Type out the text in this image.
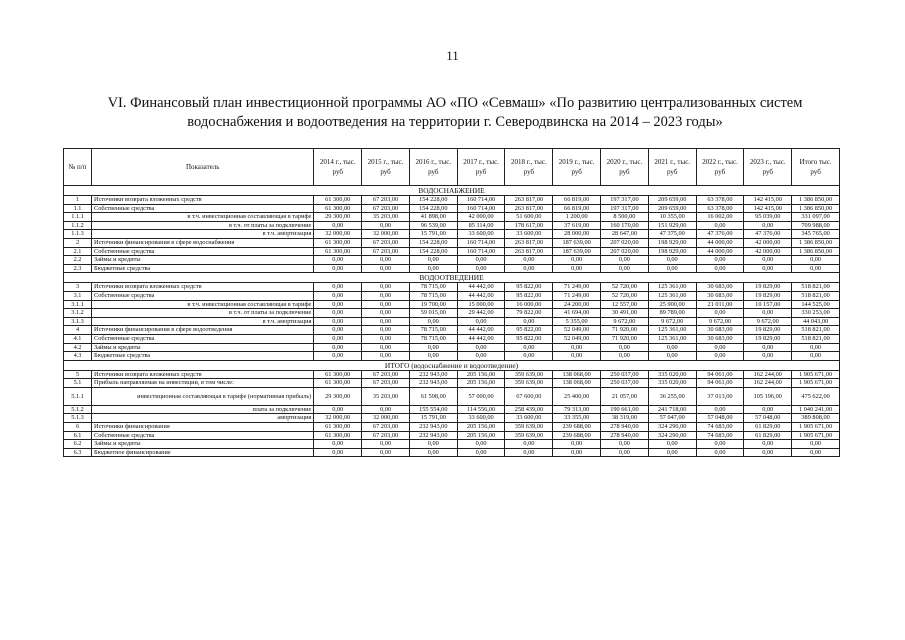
11
VI. Финансовый план инвестиционной программы АО «ПО «Севмаш» «По развитию централизованных систем
водоснабжения и водоотведения на территории г. Северодвинска на 2014 – 2023 годы»
№ п/п	Показатель	2014 г., тыс. руб	2015 г., тыс. руб	2016 г., тыс. руб	2017 г., тыс. руб	2018 г., тыс. руб	2019 г., тыс. руб	2020 г., тыс. руб	2021 г., тыс. руб	2022 г., тыс. руб	2023 г., тыс. руб	Итого тыс. руб
ВОДОСНАБЖЕНИЕ												
1	Источники возврата вложенных средств	61 300,00	67 203,00	154 228,00	160 714,00	263 817,00	66 819,00	197 317,00	209 659,00	63 378,00	142 415,00	1 386 850,00
1.1	Собственные средства	61 300,00	67 203,00	154 228,00	160 714,00	263 817,00	66 819,00	197 317,00	209 659,00	63 378,00	142 415,00	1 386 850,00
1.1.1	в т.ч. инвестиционная составляющая в тарифе	29 300,00	35 203,00	41 898,00	42 000,00	51 600,00	1 200,00	8 500,00	10 355,00	16 002,00	95 039,00	331 097,00
1.1.2	в т.ч. от платы за подключение	0,00	0,00	96 539,00	85 114,00	178 617,00	37 619,00	160 170,00	151 929,00	0,00	0,00	709 988,00
1.1.3	в т.ч. амортизация	32 000,00	32 000,00	15 791,00	33 600,00	33 600,00	28 000,00	28 647,00	47 375,00	47 376,00	47 376,00	345 765,00
2	Источники финансирования в сфере водоснабжения	61 300,00	67 203,00	154 228,00	160 714,00	263 817,00	187 639,00	207 020,00	198 929,00	44 000,00	42 000,00	1 386 850,00
2.1	Собственные средства	61 300,00	67 203,00	154 228,00	160 714,00	263 817,00	187 639,00	207 020,00	198 929,00	44 000,00	42 000,00	1 386 850,00
2.2	Займы и кредиты	0,00	0,00	0,00	0,00	0,00	0,00	0,00	0,00	0,00	0,00	0,00
2.3	Бюджетные средства	0,00	0,00	0,00	0,00	0,00	0,00	0,00	0,00	0,00	0,00	0,00
ВОДООТВЕДЕНИЕ												
3	Источники возврата вложенных средств	0,00	0,00	78 715,00	44 442,00	95 822,00	71 249,00	52 720,00	125 361,00	30 683,00	19 829,00	518 821,00
3.1	Собственные средства	0,00	0,00	78 715,00	44 442,00	95 822,00	71 249,00	52 720,00	125 361,00	30 683,00	19 829,00	518 821,00
3.1.1	в т.ч. инвестиционная составляющая в тарифе	0,00	0,00	19 700,00	15 000,00	16 000,00	24 200,00	12 557,00	25 900,00	21 011,00	10 157,00	144 525,00
3.1.2	в т.ч. от платы за подключение	0,00	0,00	59 015,00	29 442,00	79 822,00	41 694,00	30 491,00	89 789,00	0,00	0,00	330 253,00
3.1.3	в т.ч. амортизация	0,00	0,00	0,00	0,00	0,00	5 355,00	9 672,00	9 672,00	9 672,00	9 672,00	44 043,00
4	Источники финансирования в сфере водоотведения	0,00	0,00	78 715,00	44 442,00	95 822,00	52 049,00	71 920,00	125 361,00	30 683,00	19 829,00	518 821,00
4.1	Собственные средства	0,00	0,00	78 715,00	44 442,00	95 822,00	52 049,00	71 920,00	125 361,00	30 683,00	19 829,00	518 821,00
4.2	Займы и кредиты	0,00	0,00	0,00	0,00	0,00	0,00	0,00	0,00	0,00	0,00	0,00
4.3	Бюджетные средства	0,00	0,00	0,00	0,00	0,00	0,00	0,00	0,00	0,00	0,00	0,00
ИТОГО (водоснабжение и водоотведение)												
5	Источники возврата вложенных средств	61 300,00	67 203,00	232 943,00	205 156,00	359 639,00	138 068,00	250 037,00	335 020,00	94 061,00	162 244,00	1 905 671,00
5.1	Прибыль направляемая на инвестиции, в том числе:	61 300,00	67 203,00	232 943,00	205 156,00	359 639,00	138 068,00	250 037,00	335 020,00	94 061,00	162 244,00	1 905 671,00
5.1.1	инвестиционная составляющая в тарифе (нормативная прибыль)	29 300,00	35 203,00	61 598,00	57 000,00	67 600,00	25 400,00	21 057,00	36 255,00	37 013,00	105 196,00	475 622,00
5.1.2	плата за подключение	0,00	0,00	155 554,00	114 556,00	258 439,00	79 313,00	190 661,00	241 718,00	0,00	0,00	1 040 241,00
5.1.3	амортизация	32 000,00	32 000,00	15 791,00	33 600,00	33 600,00	33 355,00	38 319,00	57 047,00	57 048,00	57 048,00	389 808,00
6	Источники финансирования	61 300,00	67 203,00	232 943,00	205 156,00	359 639,00	239 688,00	278 940,00	324 290,00	74 683,00	61 829,00	1 905 671,00
6.1	Собственные средства	61 300,00	67 203,00	232 943,00	205 156,00	359 639,00	239 688,00	278 940,00	324 290,00	74 683,00	61 829,00	1 905 671,00
6.2	Займы и кредиты	0,00	0,00	0,00	0,00	0,00	0,00	0,00	0,00	0,00	0,00	0,00
6.3	Бюджетное финансирование	0,00	0,00	0,00	0,00	0,00	0,00	0,00	0,00	0,00	0,00	0,00
